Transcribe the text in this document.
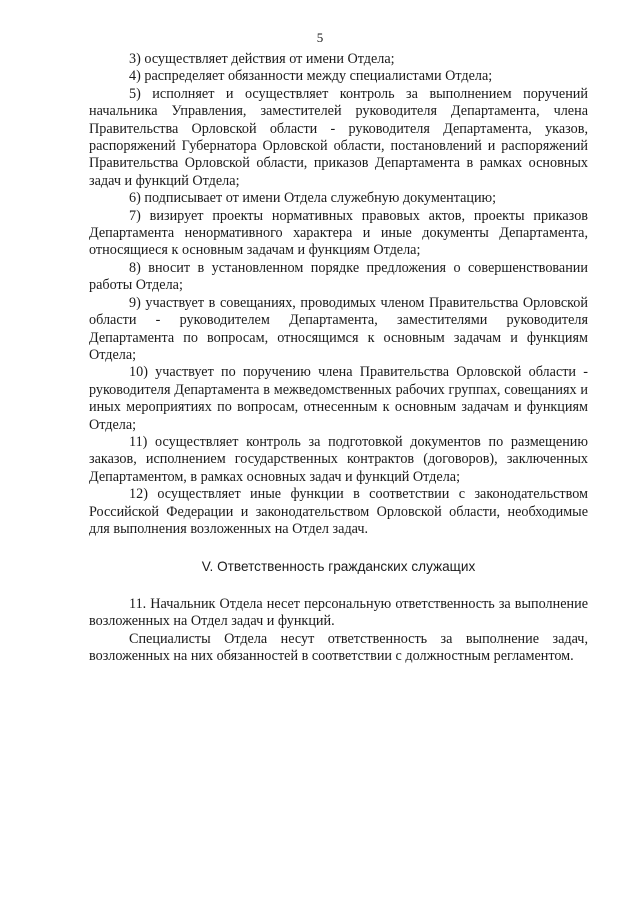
5

3) осуществляет действия от имени Отдела;

4) распределяет обязанности между специалистами Отдела;

5) исполняет и осуществляет контроль за выполнением поручений начальника Управления, заместителей руководителя Департамента, члена Правительства Орловской области - руководителя Департамента, указов, распоряжений Губернатора Орловской области, постановлений и распоряжений Правительства Орловской области, приказов Департамента в рамках основных задач и функций Отдела;

6) подписывает от имени Отдела служебную документацию;

7) визирует проекты нормативных правовых актов, проекты приказов Департамента ненормативного характера и иные документы Департамента, относящиеся к основным задачам и функциям Отдела;

8) вносит в установленном порядке предложения о совершенствовании работы Отдела;

9) участвует в совещаниях, проводимых членом Правительства Орловской области - руководителем Департамента, заместителями руководителя Департамента по вопросам, относящимся к основным задачам и функциям Отдела;

10) участвует по поручению члена Правительства Орловской области - руководителя Департамента в межведомственных рабочих группах, совещаниях и иных мероприятиях по вопросам, отнесенным к основным задачам и функциям Отдела;

11) осуществляет контроль за подготовкой документов по размещению заказов, исполнением государственных контрактов (договоров), заключенных Департаментом, в рамках основных задач и функций Отдела;

12) осуществляет иные функции в соответствии с законодательством Российской Федерации и законодательством Орловской области, необходимые для выполнения возложенных на Отдел задач.

V. Ответственность гражданских служащих

11. Начальник Отдела несет персональную ответственность за выполнение возложенных на Отдел задач и функций.

Специалисты Отдела несут ответственность за выполнение задач, возложенных на них обязанностей в соответствии с должностным регламентом.
